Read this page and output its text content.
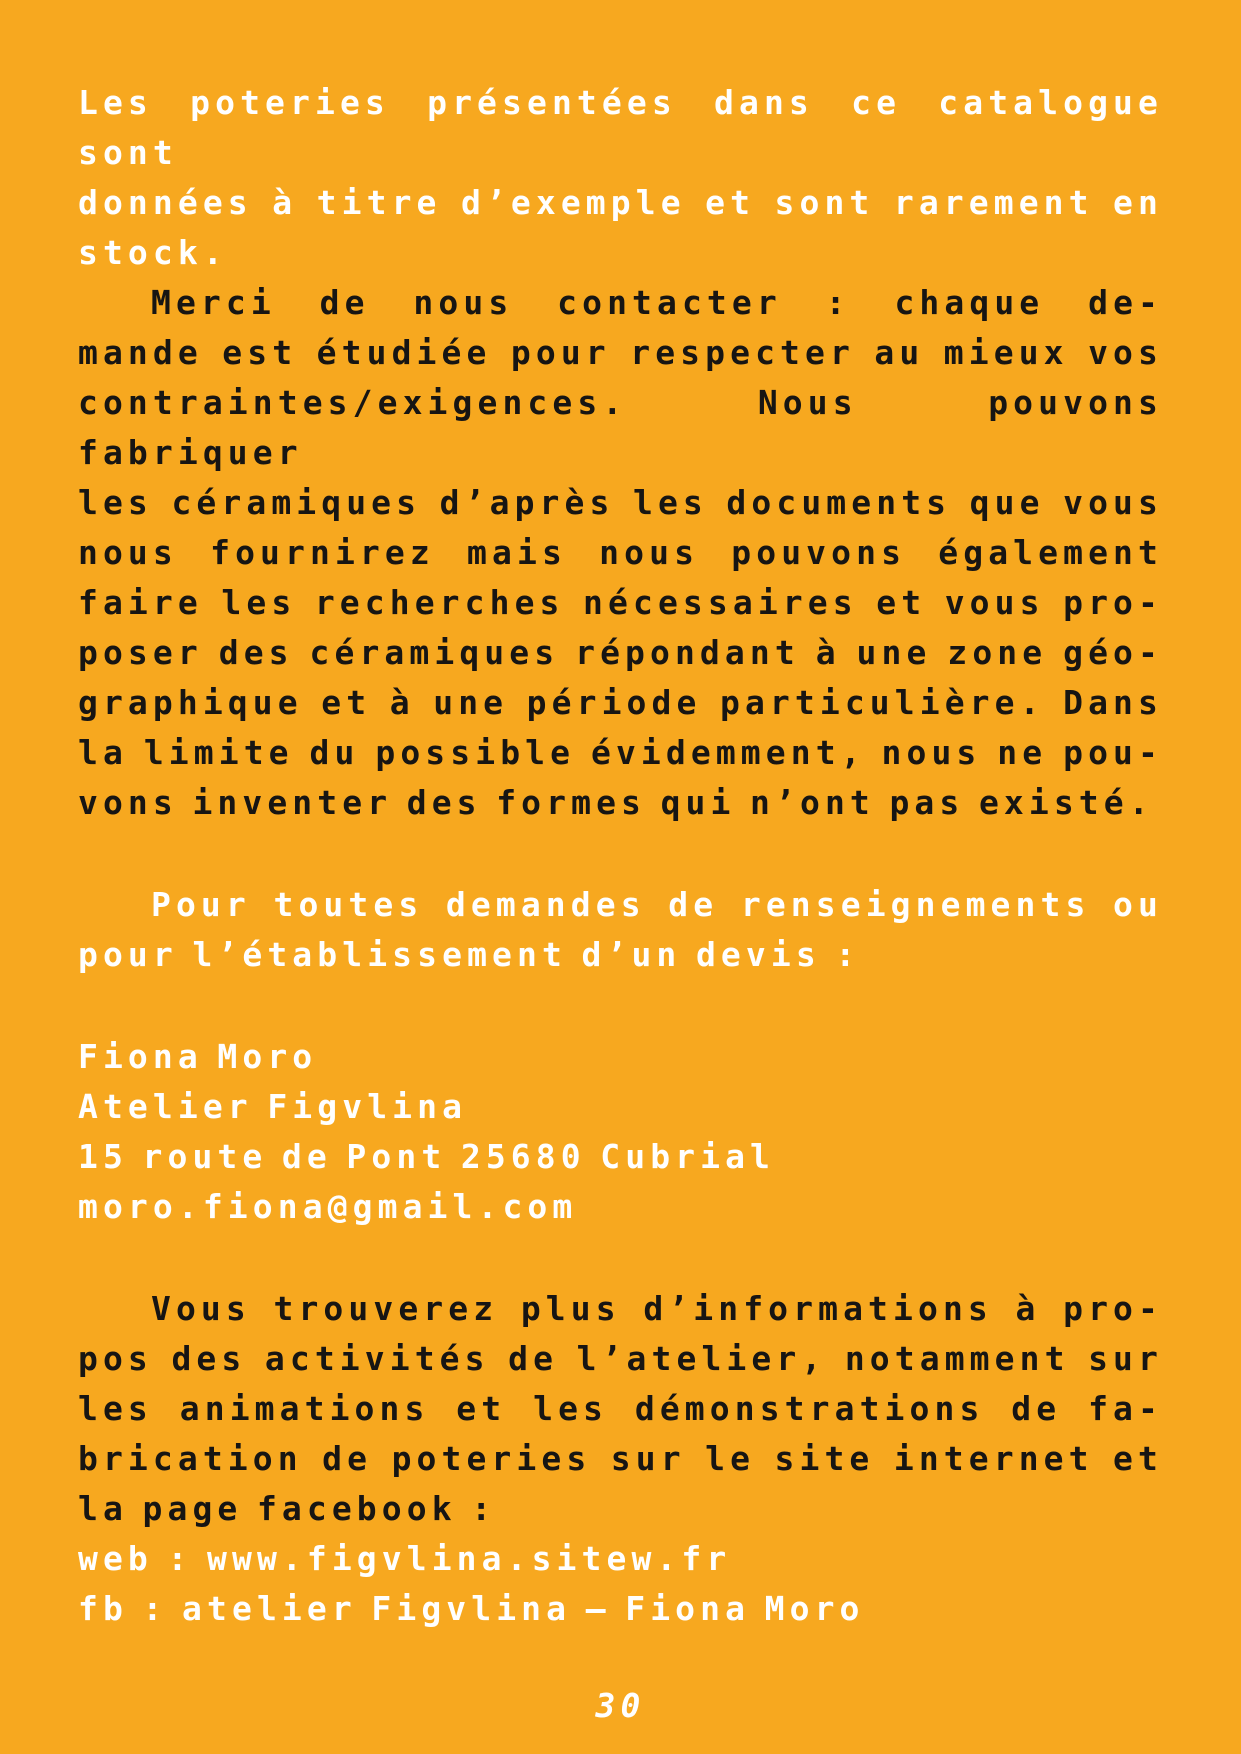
Les poteries présentées dans ce catalogue sont
données à titre d’exemple et sont rarement en
stock.
Merci de nous contacter : chaque de-
mande est étudiée pour respecter au mieux vos
contraintes/exigences. Nous pouvons fabriquer
les céramiques d’après les documents que vous
nous fournirez mais nous pouvons également
faire les recherches nécessaires et vous pro-
poser des céramiques répondant à une zone géo-
graphique et à une période particulière. Dans
la limite du possible évidemment, nous ne pou-
vons inventer des formes qui n’ont pas existé.
Pour toutes demandes de renseignements ou
pour l’établissement d’un devis :
Fiona Moro
Atelier Figvlina
15 route de Pont 25680 Cubrial
moro.fiona@gmail.com
Vous trouverez plus d’informations à pro-
pos des activités de l’atelier, notamment sur
les animations et les démonstrations de fa-
brication de poteries sur le site internet et
la page facebook :
web : www.figvlina.sitew.fr
fb : atelier Figvlina – Fiona Moro
30
